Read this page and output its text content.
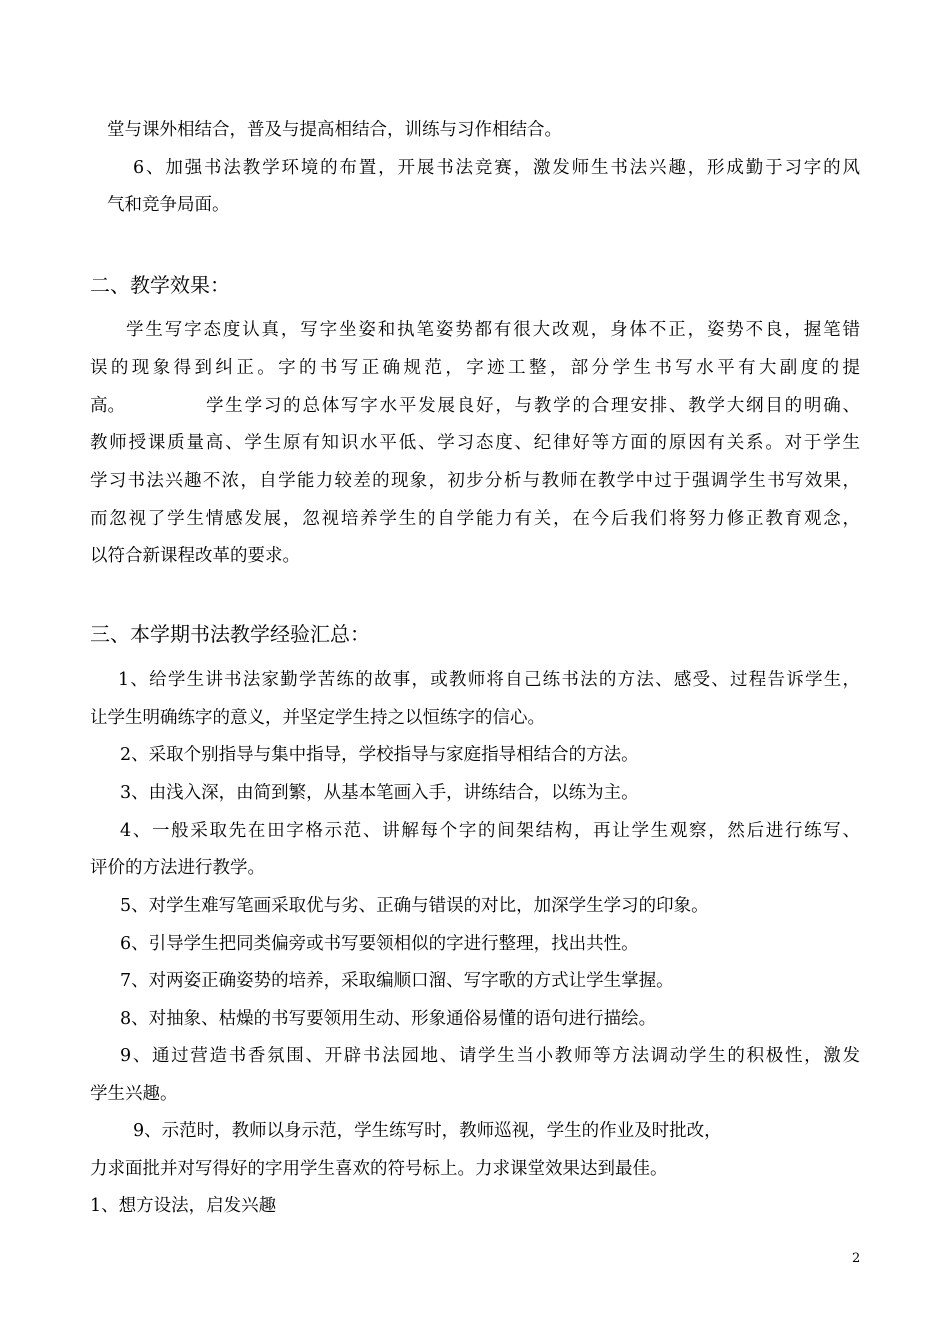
堂与课外相结合，普及与提高相结合，训练与习作相结合。
6、加强书法教学环境的布置，开展书法竞赛，激发师生书法兴趣，形成勤于习字的风
气和竞争局面。
二、教学效果：
学生写字态度认真，写字坐姿和执笔姿势都有很大改观，身体不正，姿势不良，握笔错
误的现象得到纠正。字的书写正确规范，字迹工整，部分学生书写水平有大副度的提
高。	学生学习的总体写字水平发展良好，与教学的合理安排、教学大纲目的明确、
教师授课质量高、学生原有知识水平低、学习态度、纪律好等方面的原因有关系。对于学生
学习书法兴趣不浓，自学能力较差的现象，初步分析与教师在教学中过于强调学生书写效果，
而忽视了学生情感发展，忽视培养学生的自学能力有关，在今后我们将努力修正教育观念，
以符合新课程改革的要求。
三、本学期书法教学经验汇总：
1、给学生讲书法家勤学苦练的故事，或教师将自己练书法的方法、感受、过程告诉学生，
让学生明确练字的意义，并坚定学生持之以恒练字的信心。
2、采取个别指导与集中指导，学校指导与家庭指导相结合的方法。
3、由浅入深，由简到繁，从基本笔画入手，讲练结合，以练为主。
4、一般采取先在田字格示范、讲解每个字的间架结构，再让学生观察，然后进行练写、
评价的方法进行教学。
5、对学生难写笔画采取优与劣、正确与错误的对比，加深学生学习的印象。
6、引导学生把同类偏旁或书写要领相似的字进行整理，找出共性。
7、对两姿正确姿势的培养，采取编顺口溜、写字歌的方式让学生掌握。
8、对抽象、枯燥的书写要领用生动、形象通俗易懂的语句进行描绘。
9、通过营造书香氛围、开辟书法园地、请学生当小教师等方法调动学生的积极性，激发
学生兴趣。
9、示范时，教师以身示范，学生练写时，教师巡视，学生的作业及时批改，
力求面批并对写得好的字用学生喜欢的符号标上。力求课堂效果达到最佳。
1、想方设法，启发兴趣
2
